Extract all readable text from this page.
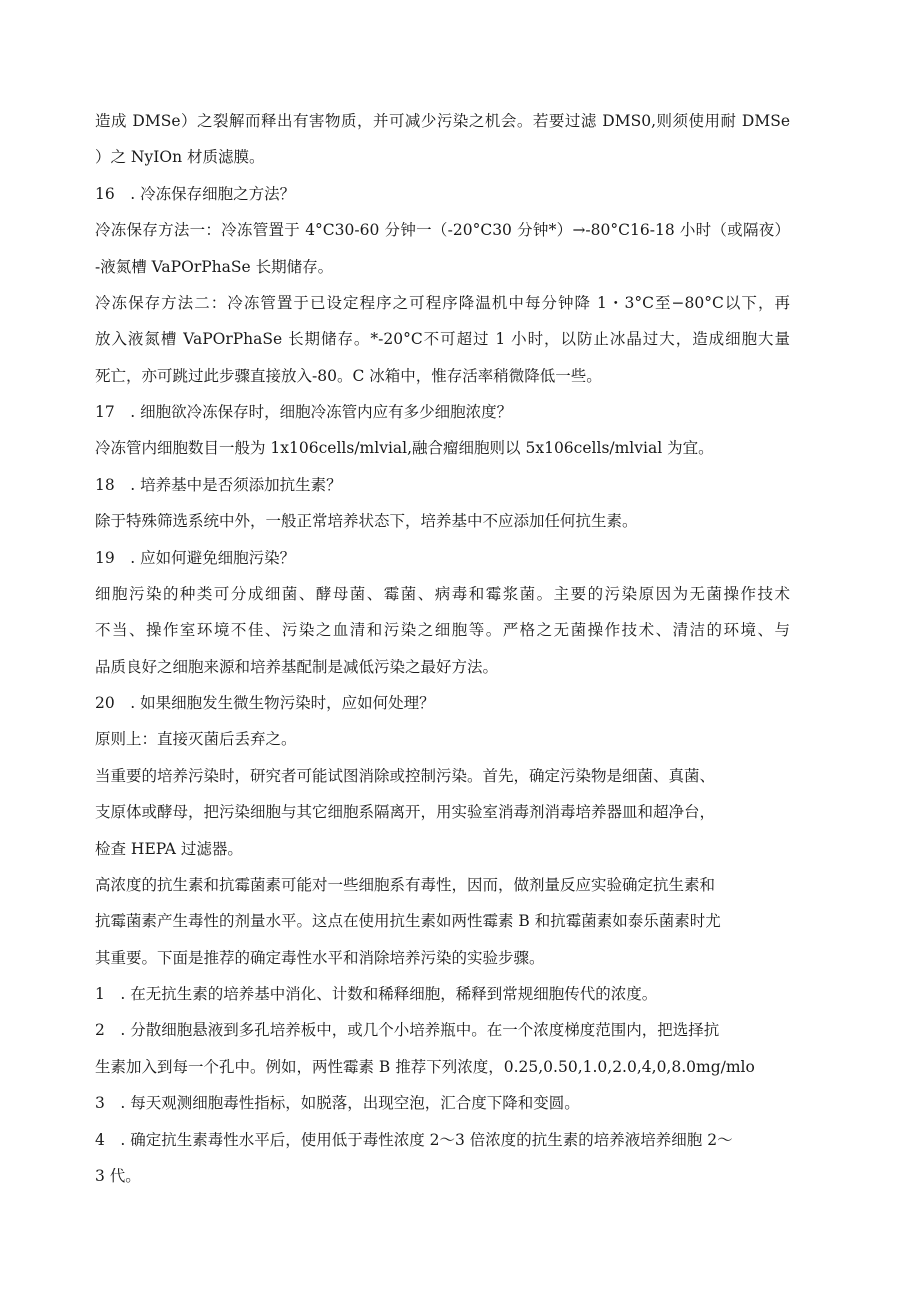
造成 DMSe）之裂解而释出有害物质，并可减少污染之机会。若要过滤 DMS0,则须使用耐 DMSe
）之 NyIOn 材质滤膜。
16　. 冷冻保存细胞之方法？
冷冻保存方法一：冷冻管置于 4°C30-60 分钟一（-20°C30 分钟*）→-80°C16-18 小时（或隔夜）
-液氮槽 VaPOrPhaSe 长期储存。
冷冻保存方法二：冷冻管置于已设定程序之可程序降温机中每分钟降 1・3°C至−80°C以下，再
放入液氮槽 VaPOrPhaSe 长期储存。*-20°C不可超过 1 小时，以防止冰晶过大，造成细胞大量
死亡，亦可跳过此步骤直接放入-80。C 冰箱中，惟存活率稍微降低一些。
17　. 细胞欲冷冻保存时，细胞冷冻管内应有多少细胞浓度？
冷冻管内细胞数目一般为 1x106cells/mlvial,融合瘤细胞则以 5x106cells/mlvial 为宜。
18　. 培养基中是否须添加抗生素？
除于特殊筛选系统中外，一般正常培养状态下，培养基中不应添加任何抗生素。
19　. 应如何避免细胞污染？
细胞污染的种类可分成细菌、酵母菌、霉菌、病毒和霉浆菌。主要的污染原因为无菌操作技术
不当、操作室环境不佳、污染之血清和污染之细胞等。严格之无菌操作技术、清洁的环境、与
品质良好之细胞来源和培养基配制是减低污染之最好方法。
20　. 如果细胞发生微生物污染时，应如何处理？
原则上：直接灭菌后丢弃之。
当重要的培养污染时，研究者可能试图消除或控制污染。首先，确定污染物是细菌、真菌、
支原体或酵母，把污染细胞与其它细胞系隔离开，用实验室消毒剂消毒培养器皿和超净台，
检查 HEPA 过滤器。
高浓度的抗生素和抗霉菌素可能对一些细胞系有毒性，因而，做剂量反应实验确定抗生素和
抗霉菌素产生毒性的剂量水平。这点在使用抗生素如两性霉素 B 和抗霉菌素如泰乐菌素时尤
其重要。下面是推荐的确定毒性水平和消除培养污染的实验步骤。
1　. 在无抗生素的培养基中消化、计数和稀释细胞，稀释到常规细胞传代的浓度。
2　. 分散细胞悬液到多孔培养板中，或几个小培养瓶中。在一个浓度梯度范围内，把选择抗
生素加入到每一个孔中。例如，两性霉素 B 推荐下列浓度，0.25,0.50,1.0,2.0,4,0,8.0mg∕mlo
3　. 每天观测细胞毒性指标，如脱落，出现空泡，汇合度下降和变圆。
4　. 确定抗生素毒性水平后，使用低于毒性浓度 2～3 倍浓度的抗生素的培养液培养细胞 2～
3 代。
